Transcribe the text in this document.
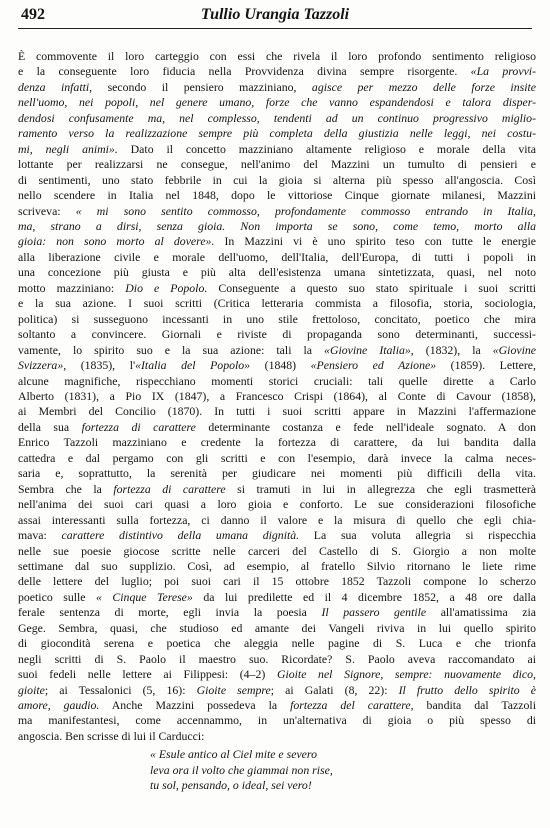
492	Tullio Urangia Tazzoli

È commovente il loro carteggio con essi che rivela il loro profondo sentimento religioso
e la conseguente loro fiducia nella Provvidenza divina sempre risorgente. «La provvi-
denza infatti, secondo il pensiero mazziniano, agisce per mezzo delle forze insite
nell'uomo, nei popoli, nel genere umano, forze che vanno espandendosi e talora disper-
dendosi confusamente ma, nel complesso, tendenti ad un continuo progressivo miglio-
ramento verso la realizzazione sempre più completa della giustizia nelle leggi, nei costu-
mi, negli animi». Dato il concetto mazziniano altamente religioso e morale della vita
lottante per realizzarsi ne consegue, nell'animo del Mazzini un tumulto di pensieri e
di sentimenti, uno stato febbrile in cui la gioia si alterna più spesso all'angoscia. Così
nello scendere in Italia nel 1848, dopo le vittoriose Cinque giornate milanesi, Mazzini
scriveva: « mi sono sentito commosso, profondamente commosso entrando in Italia,
ma, strano a dirsi, senza gioia. Non importa se sono, come temo, morto alla
gioia: non sono morto al dovere». In Mazzini vi è uno spirito teso con tutte le energie
alla liberazione civile e morale dell'uomo, dell'Italia, dell'Europa, di tutti i popoli in
una concezione più giusta e più alta dell'esistenza umana sintetizzata, quasi, nel noto
motto mazziniano: Dio e Popolo. Conseguente a questo suo stato spirituale i suoi scritti
e la sua azione. I suoi scritti (Critica letteraria commista a filosofia, storia, sociologia,
politica) si susseguono incessanti in uno stile frettoloso, concitato, poetico che mira
soltanto a convincere. Giornali e riviste di propaganda sono determinanti, successi-
vamente, lo spirito suo e la sua azione: tali la «Giovine Italia», (1832), la «Giovine
Svizzera», (1835), l'«Italia del Popolo» (1848) «Pensiero ed Azione» (1859). Lettere,
alcune magnifiche, rispecchiano momenti storici cruciali: tali quelle dirette a Carlo
Alberto (1831), a Pio IX (1847), a Francesco Crispi (1864), al Conte di Cavour (1858),
ai Membri del Concilio (1870). In tutti i suoi scritti appare in Mazzini l'affermazione
della sua fortezza di carattere determinante costanza e fede nell'ideale sognato. A don
Enrico Tazzoli mazziniano e credente la fortezza di carattere, da lui bandita dalla
cattedra e dal pergamo con gli scritti e con l'esempio, darà invece la calma neces-
saria e, soprattutto, la serenità per giudicare nei momenti più difficili della vita.
Sembra che la fortezza di carattere si tramuti in lui in allegrezza che egli trasmetterà
nell'anima dei suoi cari quasi a loro gioia e conforto. Le sue considerazioni filosofiche
assai interessanti sulla fortezza, ci danno il valore e la misura di quello che egli chia-
mava: carattere distintivo della umana dignità. La sua voluta allegria si rispecchia
nelle sue poesie giocose scritte nelle carceri del Castello di S. Giorgio a non molte
settimane dal suo supplizio. Così, ad esempio, al fratello Silvio ritornano le liete rime
delle lettere del luglio; poi suoi cari il 15 ottobre 1852 Tazzoli compone lo scherzo
poetico sulle « Cinque Terese» da lui predilette ed il 4 dicembre 1852, a 48 ore dalla
ferale sentenza di morte, egli invia la poesia Il passero gentile all'amatissima zia
Gege. Sembra, quasi, che studioso ed amante dei Vangeli riviva in lui quello spirito
di giocondità serena e poetica che aleggia nelle pagine di S. Luca e che trionfa
negli scritti di S. Paolo il maestro suo. Ricordate? S. Paolo aveva raccomandato ai
suoi fedeli nelle lettere ai Filippesi: (4–2) Gioite nel Signore, sempre: nuovamente dico,
gioite; ai Tessalonici (5, 16): Gioite sempre; ai Galati (8, 22): Il frutto dello spirito è
amore, gaudio. Anche Mazzini possedeva la fortezza del carattere, bandita dal Tazzoli
ma manifestantesi, come accennammo, in un'alternativa di gioia o più spesso di
angoscia. Ben scrisse di lui il Carducci:

« Esule antico al Ciel mite e severo
leva ora il volto che giammai non rise,
tu sol, pensando, o ideal, sei vero!
